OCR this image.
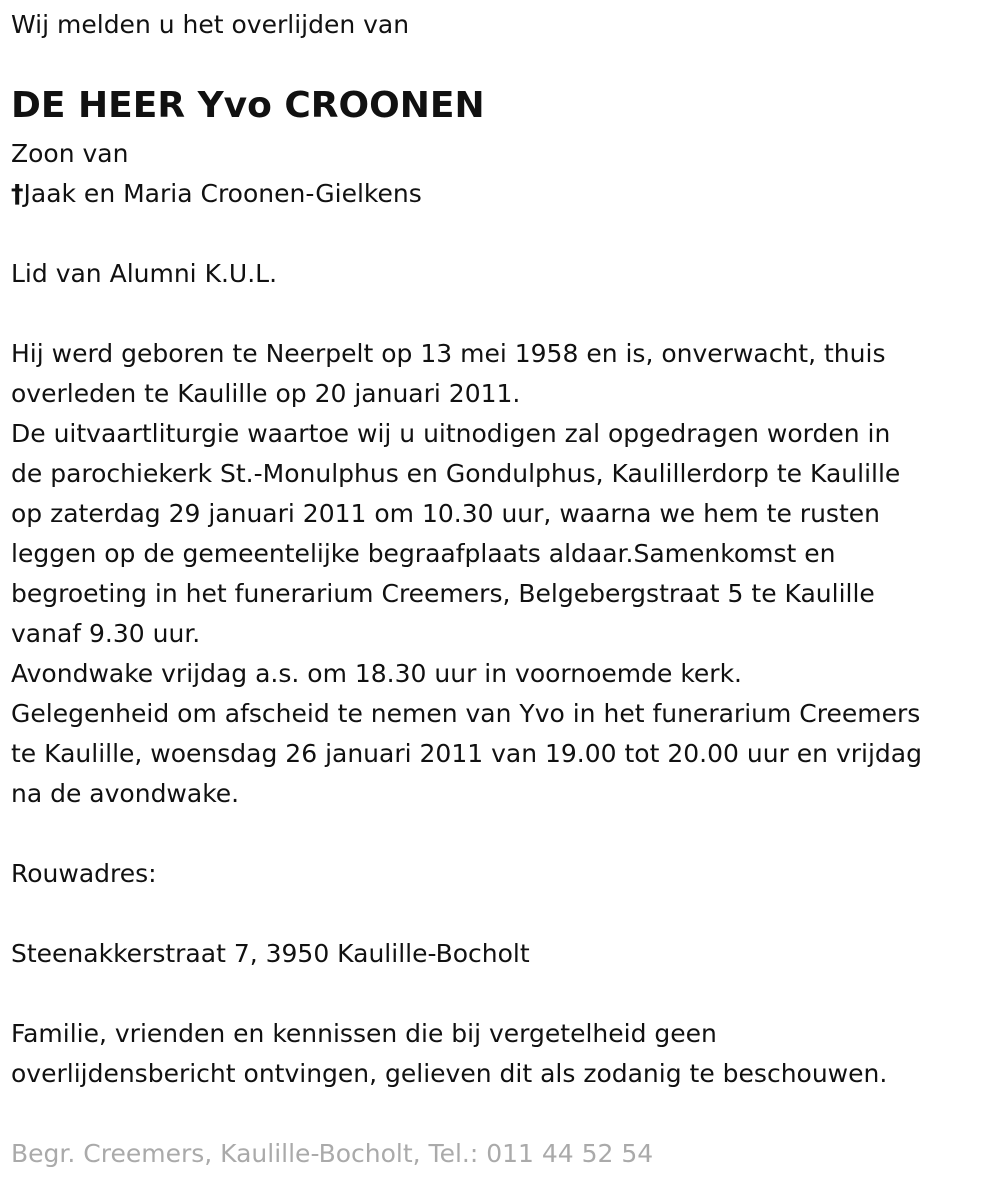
Wij melden u het overlijden van
DE HEER Yvo CROONEN
Zoon van
†Jaak en Maria Croonen-Gielkens
Lid van Alumni K.U.L.
Hij werd geboren te Neerpelt op 13 mei 1958 en is, onverwacht, thuis
overleden te Kaulille op 20 januari 2011.
De uitvaartliturgie waartoe wij u uitnodigen zal opgedragen worden in
de parochiekerk St.-Monulphus en Gondulphus, Kaulillerdorp te Kaulille
op zaterdag 29 januari 2011 om 10.30 uur, waarna we hem te rusten
leggen op de gemeentelijke begraafplaats aldaar.Samenkomst en
begroeting in het funerarium Creemers, Belgebergstraat 5 te Kaulille
vanaf 9.30 uur.
Avondwake vrijdag a.s. om 18.30 uur in voornoemde kerk.
Gelegenheid om afscheid te nemen van Yvo in het funerarium Creemers
te Kaulille, woensdag 26 januari 2011 van 19.00 tot 20.00 uur en vrijdag
na de avondwake.
Rouwadres:
Steenakkerstraat 7, 3950 Kaulille-Bocholt
Familie, vrienden en kennissen die bij vergetelheid geen
overlijdensbericht ontvingen, gelieven dit als zodanig te beschouwen.
Begr. Creemers, Kaulille-Bocholt, Tel.: 011 44 52 54
